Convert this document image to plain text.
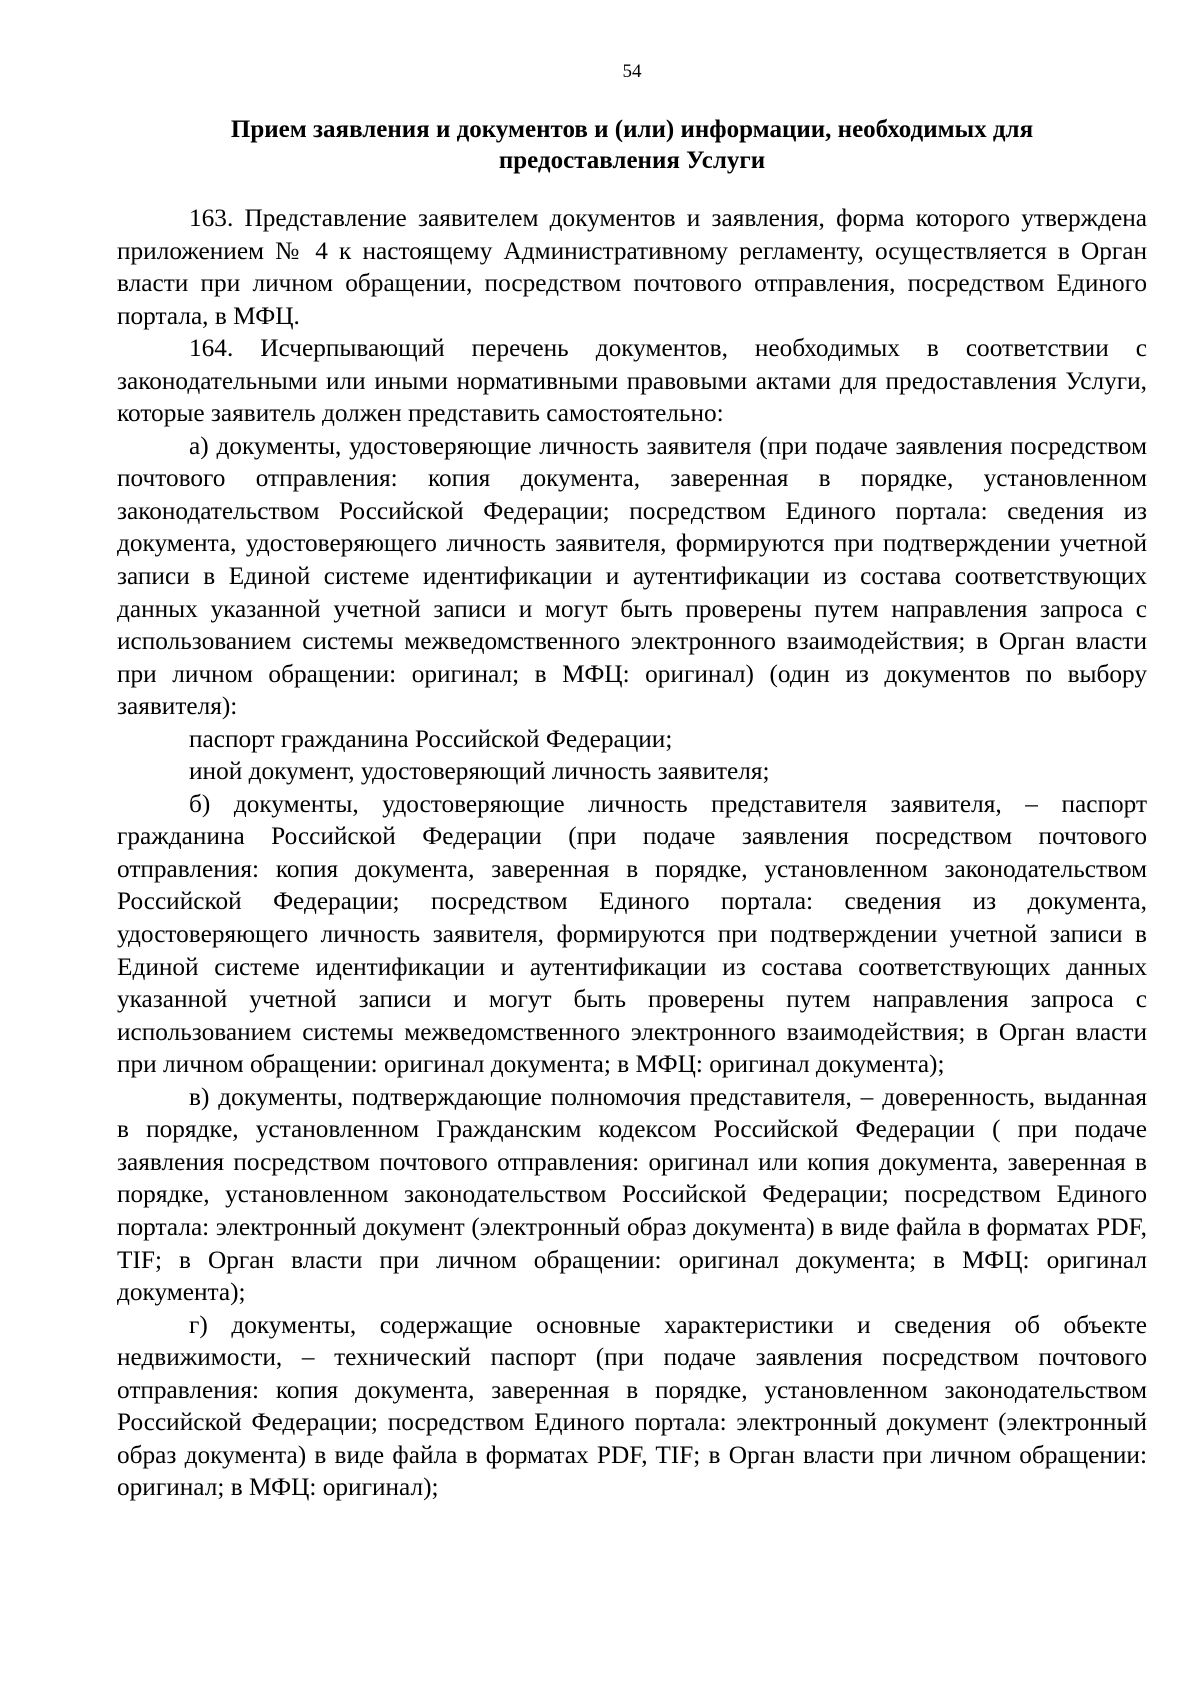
54
Прием заявления и документов и (или) информации, необходимых для
предоставления Услуги

163. Представление заявителем документов и заявления, форма которого утверждена приложением № 4 к настоящему Административному регламенту, осуществляется в Орган власти при личном обращении, посредством почтового отправления, посредством Единого портала, в МФЦ.

164. Исчерпывающий перечень документов, необходимых в соответствии с законодательными или иными нормативными правовыми актами для предоставления Услуги, которые заявитель должен представить самостоятельно:

а) документы, удостоверяющие личность заявителя (при подаче заявления посредством почтового отправления: копия документа, заверенная в порядке, установленном законодательством Российской Федерации; посредством Единого портала: сведения из документа, удостоверяющего личность заявителя, формируются при подтверждении учетной записи в Единой системе идентификации и аутентификации из состава соответствующих данных указанной учетной записи и могут быть проверены путем направления запроса с использованием системы межведомственного электронного взаимодействия; в Орган власти при личном обращении: оригинал; в МФЦ: оригинал) (один из документов по выбору заявителя):

паспорт гражданина Российской Федерации;

иной документ, удостоверяющий личность заявителя;

б) документы, удостоверяющие личность представителя заявителя, – паспорт гражданина Российской Федерации (при подаче заявления посредством почтового отправления: копия документа, заверенная в порядке, установленном законодательством Российской Федерации; посредством Единого портала: сведения из документа, удостоверяющего личность заявителя, формируются при подтверждении учетной записи в Единой системе идентификации и аутентификации из состава соответствующих данных указанной учетной записи и могут быть проверены путем направления запроса с использованием системы межведомственного электронного взаимодействия; в Орган власти при личном обращении: оригинал документа; в МФЦ: оригинал документа);

в) документы, подтверждающие полномочия представителя, – доверенность, выданная в порядке, установленном Гражданским кодексом Российской Федерации ( при подаче заявления посредством почтового отправления: оригинал или копия документа, заверенная в порядке, установленном законодательством Российской Федерации; посредством Единого портала: электронный документ (электронный образ документа) в виде файла в форматах PDF, TIF; в Орган власти при личном обращении: оригинал документа; в МФЦ: оригинал документа);

г) документы, содержащие основные характеристики и сведения об объекте недвижимости, – технический паспорт (при подаче заявления посредством почтового отправления: копия документа, заверенная в порядке, установленном законодательством Российской Федерации; посредством Единого портала: электронный документ (электронный образ документа) в виде файла в форматах PDF, TIF; в Орган власти при личном обращении: оригинал; в МФЦ: оригинал);
